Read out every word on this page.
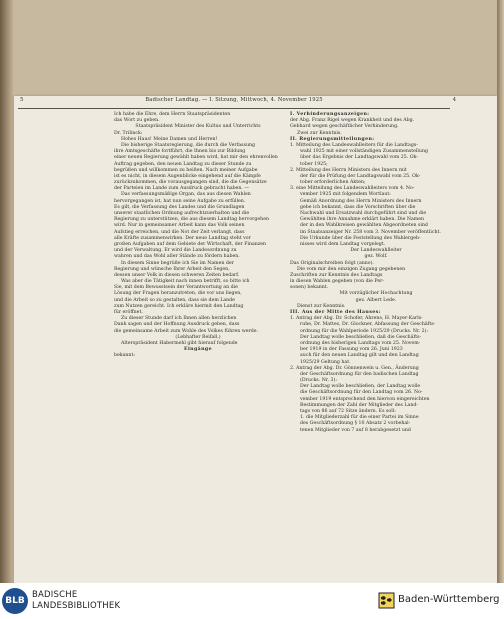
5	Badischer Landtag. — I. Sitzung, Mittwoch, 4. November 1925	4

Ich habe die Ehre, dem Herrn Staatspräsidenten

das Wort zu geben.

Staatspräsident Minister des Kultus und Unterrichts

Dr. Trilinck:

Hohes Haus! Meine Damen und Herren!

Die bisherige Staatsregierung, die durch die Verfassung

ihre Amtsgeschäfte fortführt, die Ihnen bis zur Bildung

einer neuen Regierung gewählt haben wird, hat mir den ehrenvollen

Auftrag gegeben, den neuen Landtag zu dieser Stunde zu

begrüßen und willkommen zu heißen. Nach meiner Aufgabe

ist es nicht, in diesem Augenblicke eingehend auf die Kämpfe

zurückzukommen, die vorausgegangen sind, die die Gegensätze

der Parteien im Lande zum Ausdruck gebracht haben. —

Das verfassungsmäßige Organ, das aus diesen Wahlen

hervorgegangen ist, hat nun seine Aufgabe zu erfüllen.

Es gilt, die Verfassung des Landes und die Grundlagen

unserer staatlichen Ordnung aufrechtzuerhalten und die

Regierung zu unterstützen, die aus diesem Landtag hervorgehen

wird. Nur in gemeinsamer Arbeit kann das Volk seinen

Aufstieg erreichen, und die Not der Zeit verlangt, dass

alle Kräfte zusammenwirken. Der neue Landtag steht vor

großen Aufgaben auf dem Gebiete der Wirtschaft, der Finanzen

und der Verwaltung. Er wird die Landesordnung zu

wahren und das Wohl aller Stände zu fördern haben.

In diesem Sinne begrüße ich Sie im Namen der

Regierung und wünsche Ihrer Arbeit den Segen,

dessen unser Volk in diesen schweren Zeiten bedarf.

Was aber die Tätigkeit nach innen betrifft, so bitte ich

Sie, mit dem Bewusstsein der Verantwortung an die

Lösung der Fragen heranzutreten, die vor uns liegen,

und die Arbeit so zu gestalten, dass sie dem Lande

zum Nutzen gereicht. Ich erkläre hiermit den Landtag

für eröffnet.

Zu dieser Stunde darf ich Ihnen allen herzlichen

Dank sagen und der Hoffnung Ausdruck geben, dass

die gemeinsame Arbeit zum Wohle des Volkes führen werde.

(Lebhafter Beifall.)

Alterspräsident Habermehl gibt hierauf folgende

Eingänge

bekannt:

I. Verhinderungsanzeigen:

der Abg. Franz Rigel wegen Krankheit und des Abg.

Gebhard wegen geschäftlicher Verhinderung.

Zwei zur Kenntnis.

II. Regierungsmitteilungen:

1. Mitteilung des Landeswahlleiters für die Landtags-

wahl 1925 mit einer vollständigen Zusammenstellung

über das Ergebnis der Landtagswahl vom 25. Ok-

tober 1925;

2. Mitteilung des Herrn Ministers des Innern mit

der für die Prüfung der Landtagswahl vom 25. Ok-

tober erforderlichen Akten;

3. eine Mitteilung des Landeswahlleiters vom 4. No-

vember 1925 mit folgendem Wortlaut:

Gemäß Anordnung des Herrn Ministers des Innern

gebe ich bekannt, dass die Vorschriften über die

Nachwahl und Ersatzwahl durchgeführt sind und die

Gewählten ihre Annahme erklärt haben. Die Namen

der in den Wahlkreisen gewählten Abgeordneten sind

im Staatsanzeiger Nr. 258 vom 3. November veröffentlicht.

Die Urkunde über die Feststellung des Wahlergeb-

nisses wird dem Landtag vorgelegt.

Der Landeswahlleiter

gez. Wolf.

Das Originalschreiben folgt (anno).

Die vom mir den einzigen Zugang gegebenen

Zuschriften zur Kenntnis des Landtags

in diesen Wahlen gegeben (von die Per-

sonen) bekannt.

Mit vorzüglicher Hochachtung

gez. Albert Lede.

Dienst zur Kenntnis.

III. Aus der Mitte des Hauses:

1. Antrag der Abg. Dr. Schofer, Ahrens, H. Mayer-Karls-

ruhe, Dr. Mattes, Dr. Glockner, Abfassung der Geschäfts-

ordnung für die Wahlperiode 1925/29 (Drucks. Nr. 2):

Der Landtag wolle beschließen, daß die Geschäfts-

ordnung des bisherigen Landtags vom 25. Novem-

ber 1919 in der Fassung vom 26. Juni 1923

auch für den neuen Landtag gilt und den Landtag

1925/29 Geltung hat.

2. Antrag der Abg. Dr. Gönnenwein u. Gen., Änderung

der Geschäftsordnung für den badischen Landtag

(Drucks. Nr. 3):

Der Landtag wolle beschließen, der Landtag wolle

die Geschäftsordnung für den Landtag vom 26. No-

vember 1919 entsprechend den hiervon eingereichten

Bestimmungen der Zahl der Mitglieder des Land-

tags von 86 auf 72 Sitze ändern. Es soll:

1. die Mitgliederzahl für die einer Partei im Sinne

des Geschäftsordnung § 10 Absatz 2 vorbehal-

tenen Mitglieder von 7 auf 8 herabgesetzt und

BLB
BADISCHE
LANDESBIBLIOTHEK
Baden-Württemberg
